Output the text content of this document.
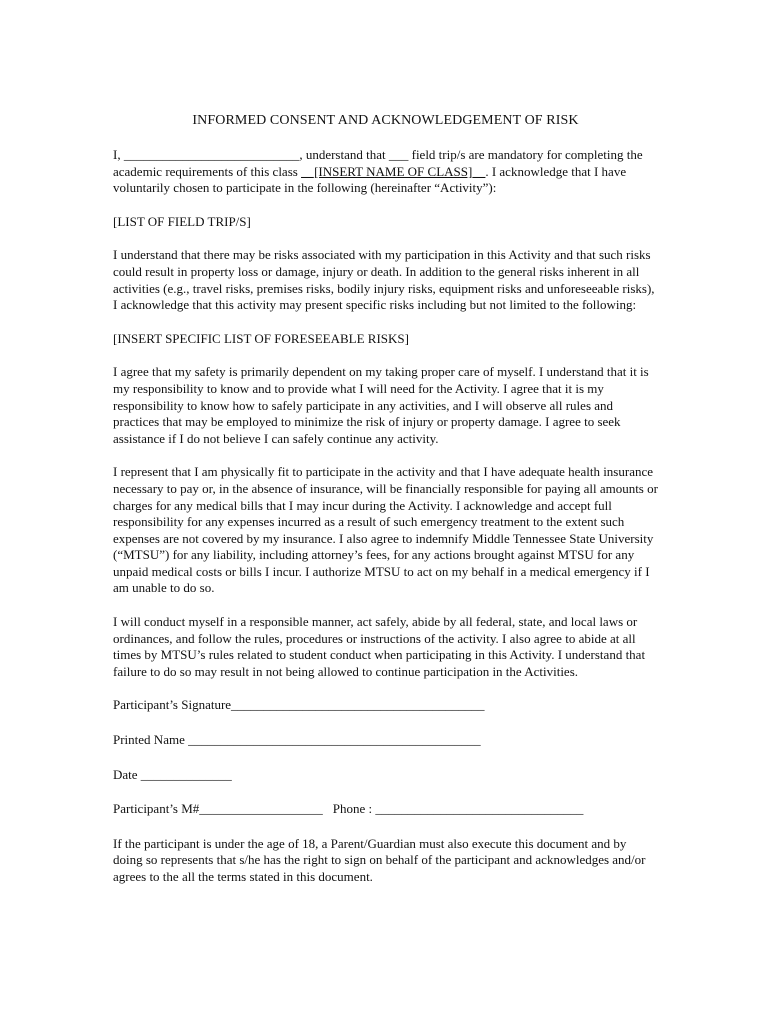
INFORMED CONSENT AND ACKNOWLEDGEMENT OF RISK

I, ___________________________, understand that ___ field trip/s are mandatory for completing the academic requirements of this class __[INSERT NAME OF CLASS]__. I acknowledge that I have voluntarily chosen to participate in the following (hereinafter “Activity”):

[LIST OF FIELD TRIP/S]

I understand that there may be risks associated with my participation in this Activity and that such risks could result in property loss or damage, injury or death. In addition to the general risks inherent in all activities (e.g., travel risks, premises risks, bodily injury risks, equipment risks and unforeseeable risks), I acknowledge that this activity may present specific risks including but not limited to the following:

[INSERT SPECIFIC LIST OF FORESEEABLE RISKS]

I agree that my safety is primarily dependent on my taking proper care of myself. I understand that it is my responsibility to know and to provide what I will need for the Activity. I agree that it is my responsibility to know how to safely participate in any activities, and I will observe all rules and practices that may be employed to minimize the risk of injury or property damage. I agree to seek assistance if I do not believe I can safely continue any activity.

I represent that I am physically fit to participate in the activity and that I have adequate health insurance necessary to pay or, in the absence of insurance, will be financially responsible for paying all amounts or charges for any medical bills that I may incur during the Activity. I acknowledge and accept full responsibility for any expenses incurred as a result of such emergency treatment to the extent such expenses are not covered by my insurance. I also agree to indemnify Middle Tennessee State University (“MTSU”) for any liability, including attorney’s fees, for any actions brought against MTSU for any unpaid medical costs or bills I incur. I authorize MTSU to act on my behalf in a medical emergency if I am unable to do so.

I will conduct myself in a responsible manner, act safely, abide by all federal, state, and local laws or ordinances, and follow the rules, procedures or instructions of the activity. I also agree to abide at all times by MTSU’s rules related to student conduct when participating in this Activity. I understand that failure to do so may result in not being allowed to continue participation in the Activities.

Participant’s Signature_______________________________________
Printed Name _____________________________________________
Date ______________
Participant’s M#___________________ Phone : ________________________________

If the participant is under the age of 18, a Parent/Guardian must also execute this document and by doing so represents that s/he has the right to sign on behalf of the participant and acknowledges and/or agrees to the all the terms stated in this document.
